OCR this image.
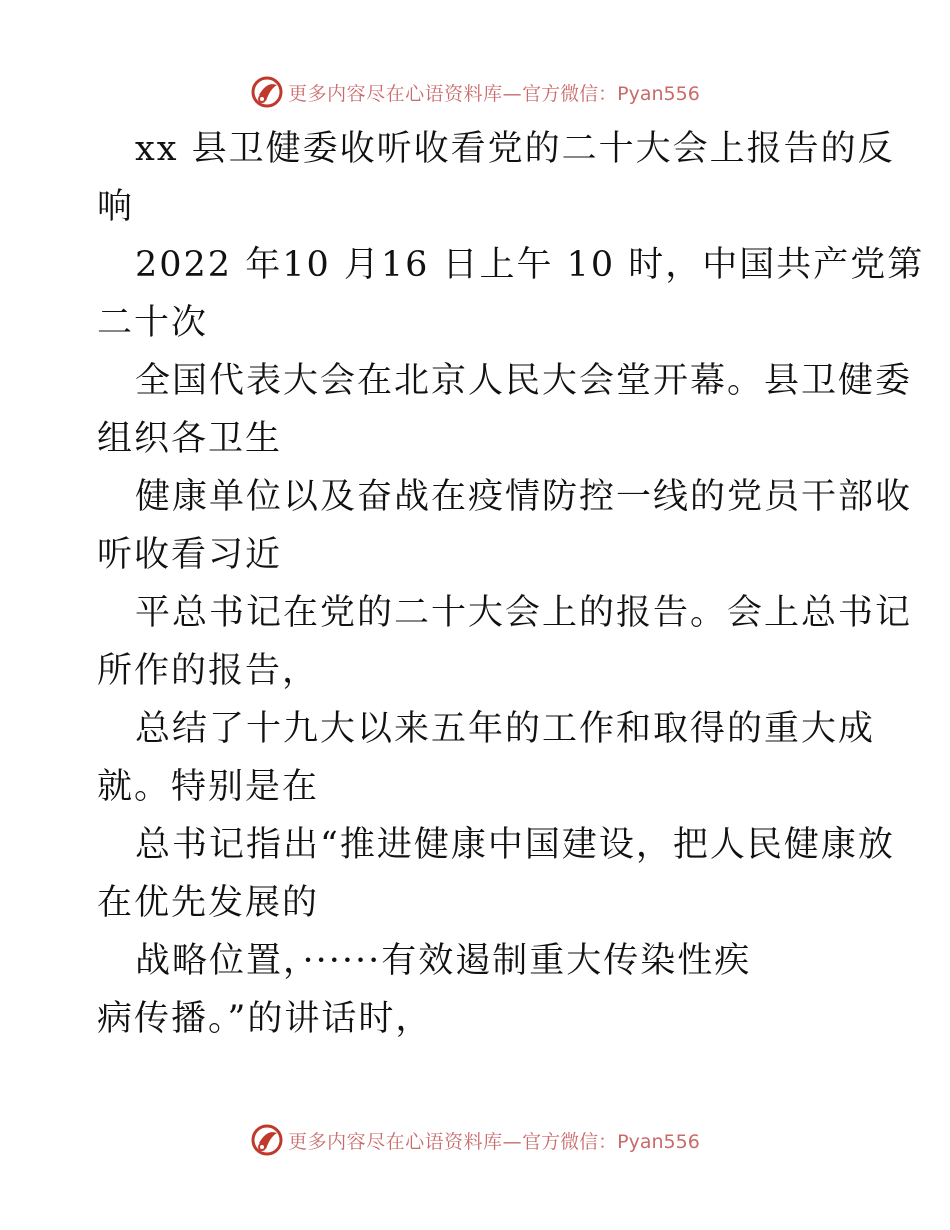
更多内容尽在心语资料库— 官方微信：Pyan556
xx 县卫健委收听收看党的二十大会上报告的反
响
2022 年10 月16 日上午 10 时，中国共产党第
二十次
全国代表大会在北京人民大会堂开幕。县卫健委
组织各卫生
健康单位以及奋战在疫情防控一线的党员干部收
听收看习近
平总书记在党的二十大会上的报告。会上总书记
所作的报告，
总结了十九大以来五年的工作和取得的重大成
就。特别是在
总书记指出“推进健康中国建设，把人民健康放
在优先发展的
战略位置，······有效遏制重大传染性疾
病传播。”的讲话时，
更多内容尽在心语资料库— 官方微信：Pyan556
